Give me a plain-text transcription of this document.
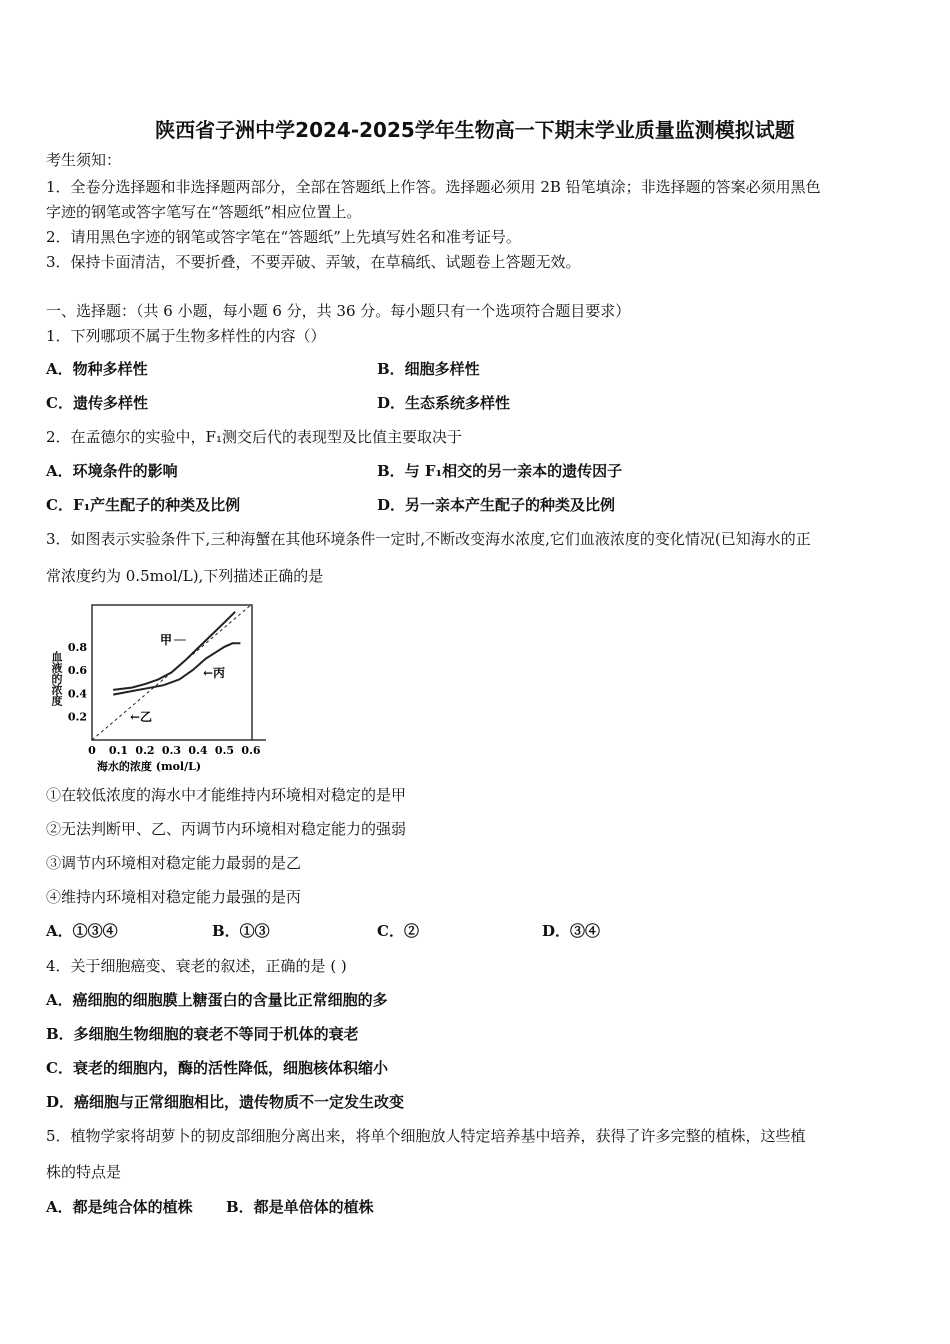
陕西省子洲中学2024-2025学年生物高一下期末学业质量监测模拟试题
考生须知：
1．全卷分选择题和非选择题两部分，全部在答题纸上作答。选择题必须用 2B 铅笔填涂；非选择题的答案必须用黑色
字迹的钢笔或答字笔写在“答题纸”相应位置上。
2．请用黑色字迹的钢笔或答字笔在“答题纸”上先填写姓名和准考证号。
3．保持卡面清洁，不要折叠，不要弄破、弄皱，在草稿纸、试题卷上答题无效。
一、选择题：（共 6 小题，每小题 6 分，共 36 分。每小题只有一个选项符合题目要求）
1．下列哪项不属于生物多样性的内容（）
A．物种多样性	B．细胞多样性
C．遗传多样性	D．生态系统多样性
2．在孟德尔的实验中，F₁测交后代的表现型及比值主要取决于
A．环境条件的影响	B．与 F₁相交的另一亲本的遗传因子
C．F₁产生配子的种类及比例	D．另一亲本产生配子的种类及比例
3．如图表示实验条件下,三种海蟹在其他环境条件一定时,不断改变海水浓度,它们血液浓度的变化情况(已知海水的正
常浓度约为 0.5mol/L),下列描述正确的是
0 0.1 0.2 0.3 0.4 0.5 0.6
0.2
0.4
0.6
0.8
甲
←丙
←乙
海水的浓度 (mol/L)
血液的浓度
①在较低浓度的海水中才能维持内环境相对稳定的是甲
②无法判断甲、乙、丙调节内环境相对稳定能力的强弱
③调节内环境相对稳定能力最弱的是乙
④维持内环境相对稳定能力最强的是丙
A．①③④	B．①③	C．②	D．③④
4．关于细胞癌变、衰老的叙述，正确的是 ( )
A．癌细胞的细胞膜上糖蛋白的含量比正常细胞的多
B．多细胞生物细胞的衰老不等同于机体的衰老
C．衰老的细胞内，酶的活性降低，细胞核体积缩小
D．癌细胞与正常细胞相比，遗传物质不一定发生改变
5．植物学家将胡萝卜的韧皮部细胞分离出来，将单个细胞放人特定培养基中培养，获得了许多完整的植株，这些植
株的特点是
A．都是纯合体的植株 B．都是单倍体的植株
